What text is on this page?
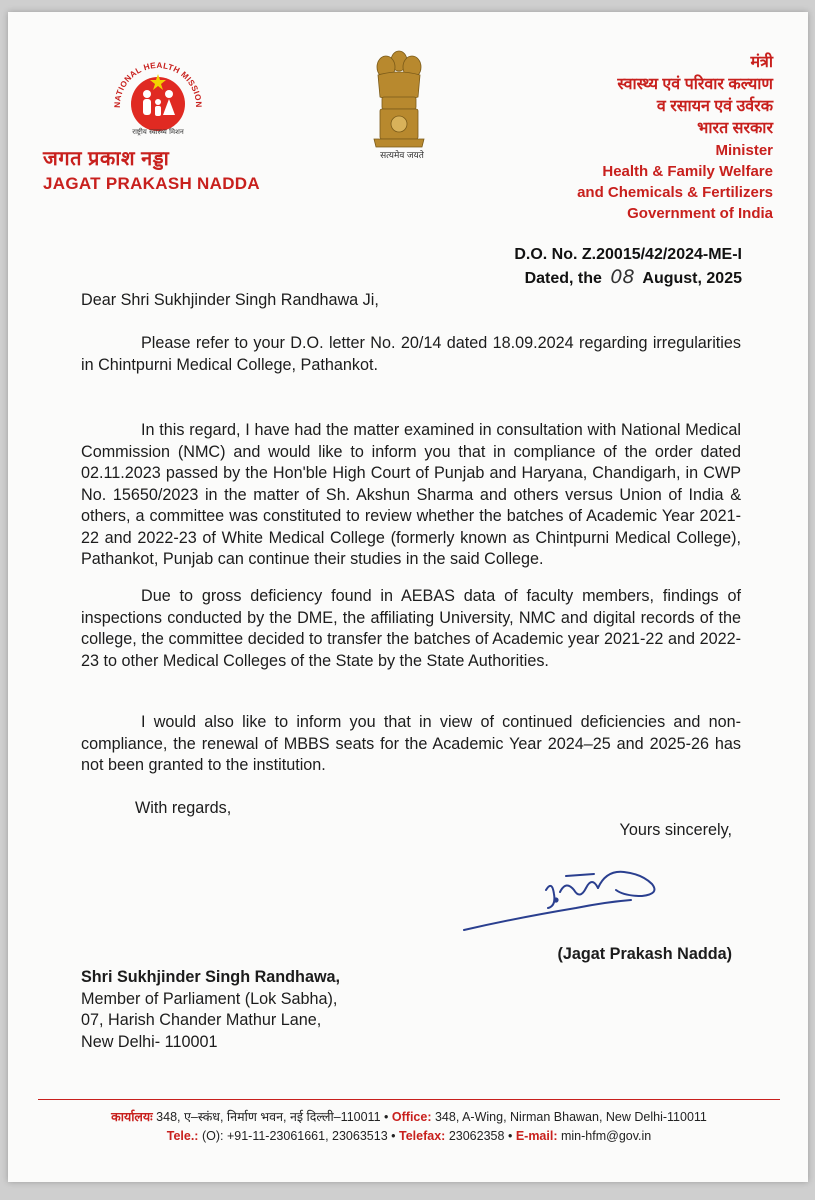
NATIONAL HEALTH MISSION
राष्ट्रीय स्वास्थ्य मिशन
जगत प्रकाश नड्डा
JAGAT PRAKASH NADDA
सत्यमेव जयते
मंत्री
स्वास्थ्य एवं परिवार कल्याण
व रसायन एवं उर्वरक
भारत सरकार
Minister
Health & Family Welfare
and Chemicals & Fertilizers
Government of India
D.O. No. Z.20015/42/2024-ME-I
Dated, the 08 August, 2025
Dear Shri Sukhjinder Singh Randhawa Ji,
Please refer to your D.O. letter No. 20/14 dated 18.09.2024 regarding irregularities in Chintpurni Medical College, Pathankot.
In this regard, I have had the matter examined in consultation with National Medical Commission (NMC) and would like to inform you that in compliance of the order dated 02.11.2023 passed by the Hon'ble High Court of Punjab and Haryana, Chandigarh, in CWP No. 15650/2023 in the matter of Sh. Akshun Sharma and others versus Union of India & others, a committee was constituted to review whether the batches of Academic Year 2021-22 and 2022-23 of White Medical College (formerly known as Chintpurni Medical College), Pathankot, Punjab can continue their studies in the said College.
Due to gross deficiency found in AEBAS data of faculty members, findings of inspections conducted by the DME, the affiliating University, NMC and digital records of the college, the committee decided to transfer the batches of Academic year 2021-22 and 2022-23 to other Medical Colleges of the State by the State Authorities.
I would also like to inform you that in view of continued deficiencies and non-compliance, the renewal of MBBS seats for the Academic Year 2024–25 and 2025-26 has not been granted to the institution.
With regards,
Yours sincerely,
(Jagat Prakash Nadda)
Shri Sukhjinder Singh Randhawa,
Member of Parliament (Lok Sabha),
07, Harish Chander Mathur Lane,
New Delhi- 110001
कार्यालयः 348, ए–स्कंध, निर्माण भवन, नई दिल्ली–110011 • Office: 348, A-Wing, Nirman Bhawan, New Delhi-110011
Tele.: (O): +91-11-23061661, 23063513 • Telefax: 23062358 • E-mail: min-hfm@gov.in
